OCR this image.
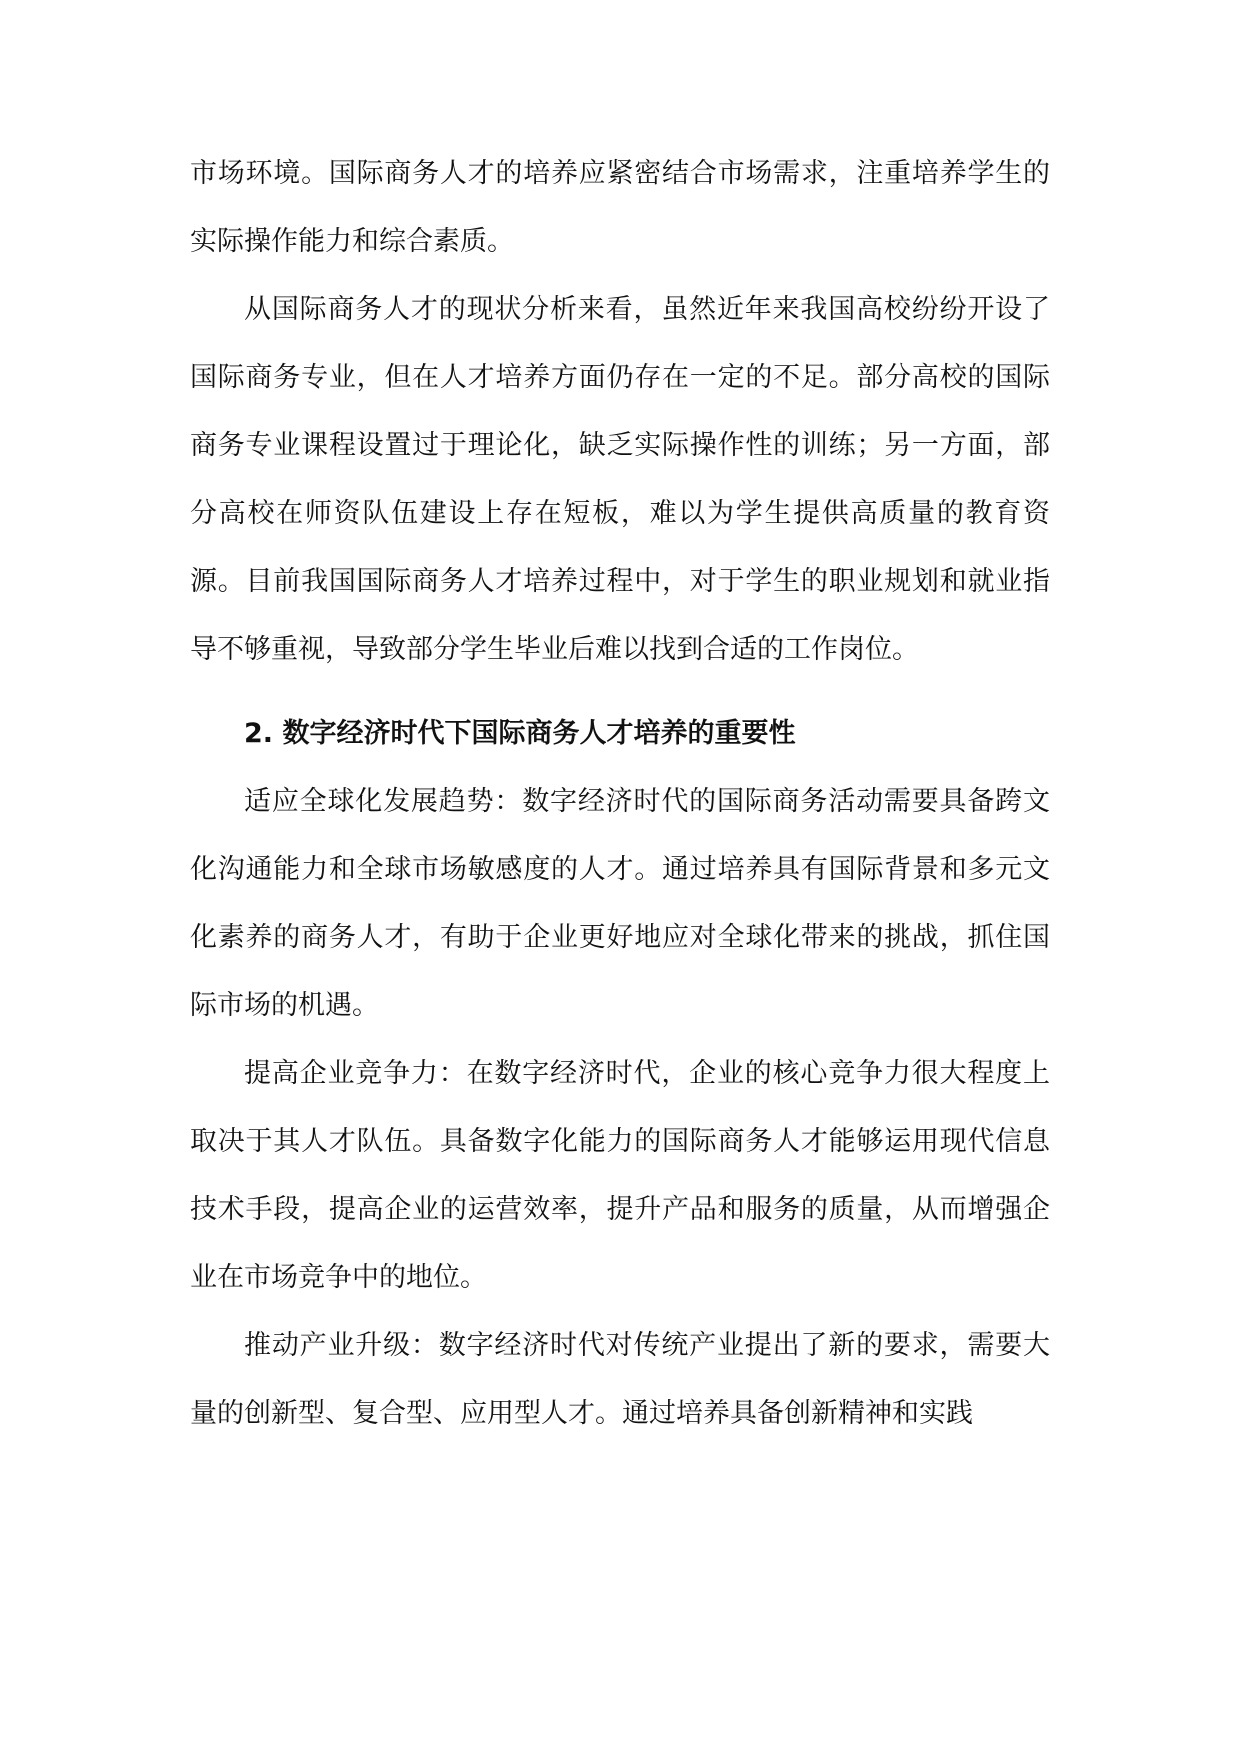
市场环境。国际商务人才的培养应紧密结合市场需求，注重培养学生的实际操作能力和综合素质。

从国际商务人才的现状分析来看，虽然近年来我国高校纷纷开设了国际商务专业，但在人才培养方面仍存在一定的不足。部分高校的国际商务专业课程设置过于理论化，缺乏实际操作性的训练；另一方面，部分高校在师资队伍建设上存在短板，难以为学生提供高质量的教育资源。目前我国国际商务人才培养过程中，对于学生的职业规划和就业指导不够重视，导致部分学生毕业后难以找到合适的工作岗位。

2. 数字经济时代下国际商务人才培养的重要性

适应全球化发展趋势：数字经济时代的国际商务活动需要具备跨文化沟通能力和全球市场敏感度的人才。通过培养具有国际背景和多元文化素养的商务人才，有助于企业更好地应对全球化带来的挑战，抓住国际市场的机遇。

提高企业竞争力：在数字经济时代，企业的核心竞争力很大程度上取决于其人才队伍。具备数字化能力的国际商务人才能够运用现代信息技术手段，提高企业的运营效率，提升产品和服务的质量，从而增强企业在市场竞争中的地位。

推动产业升级：数字经济时代对传统产业提出了新的要求，需要大量的创新型、复合型、应用型人才。通过培养具备创新精神和实践
